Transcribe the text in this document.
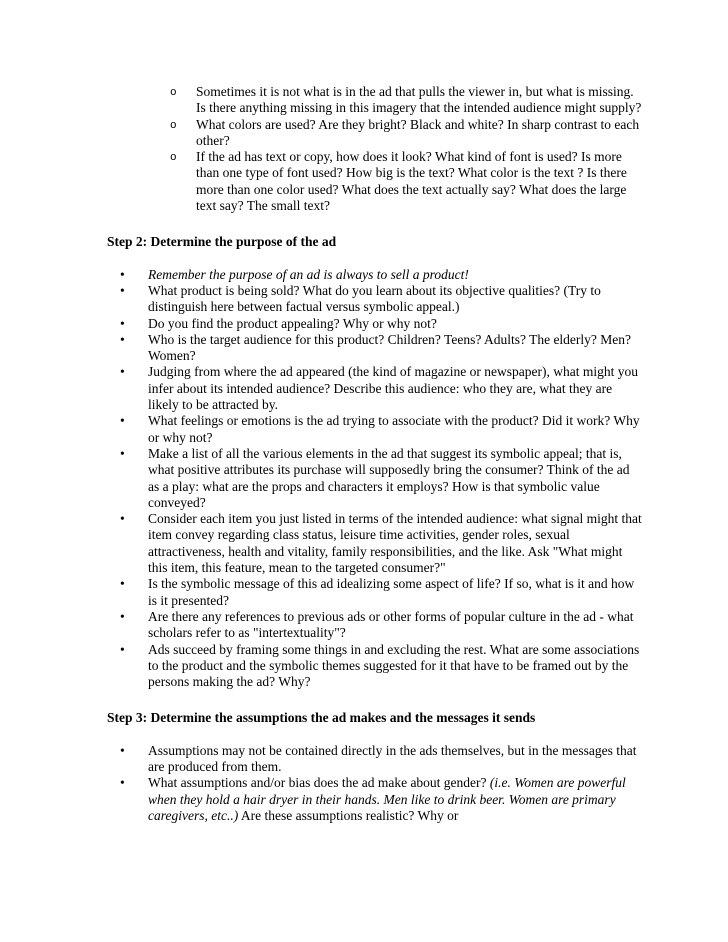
o Sometimes it is not what is in the ad that pulls the viewer in, but what is missing. Is there anything missing in this imagery that the intended audience might supply?
o What colors are used? Are they bright? Black and white? In sharp contrast to each other?
o If the ad has text or copy, how does it look? What kind of font is used? Is more than one type of font used? How big is the text? What color is the text ? Is there more than one color used? What does the text actually say? What does the large text say? The small text?
Step 2: Determine the purpose of the ad
• Remember the purpose of an ad is always to sell a product!
• What product is being sold? What do you learn about its objective qualities? (Try to distinguish here between factual versus symbolic appeal.)
• Do you find the product appealing? Why or why not?
• Who is the target audience for this product? Children? Teens? Adults? The elderly? Men? Women?
• Judging from where the ad appeared (the kind of magazine or newspaper), what might you infer about its intended audience? Describe this audience: who they are, what they are likely to be attracted by.
• What feelings or emotions is the ad trying to associate with the product? Did it work? Why or why not?
• Make a list of all the various elements in the ad that suggest its symbolic appeal; that is, what positive attributes its purchase will supposedly bring the consumer? Think of the ad as a play: what are the props and characters it employs? How is that symbolic value conveyed?
• Consider each item you just listed in terms of the intended audience: what signal might that item convey regarding class status, leisure time activities, gender roles, sexual attractiveness, health and vitality, family responsibilities, and the like. Ask "What might this item, this feature, mean to the targeted consumer?"
• Is the symbolic message of this ad idealizing some aspect of life? If so, what is it and how is it presented?
• Are there any references to previous ads or other forms of popular culture in the ad - what scholars refer to as "intertextuality"?
• Ads succeed by framing some things in and excluding the rest. What are some associations to the product and the symbolic themes suggested for it that have to be framed out by the persons making the ad? Why?
Step 3: Determine the assumptions the ad makes and the messages it sends
• Assumptions may not be contained directly in the ads themselves, but in the messages that are produced from them.
• What assumptions and/or bias does the ad make about gender? (i.e. Women are powerful when they hold a hair dryer in their hands. Men like to drink beer. Women are primary caregivers, etc..) Are these assumptions realistic? Why or
